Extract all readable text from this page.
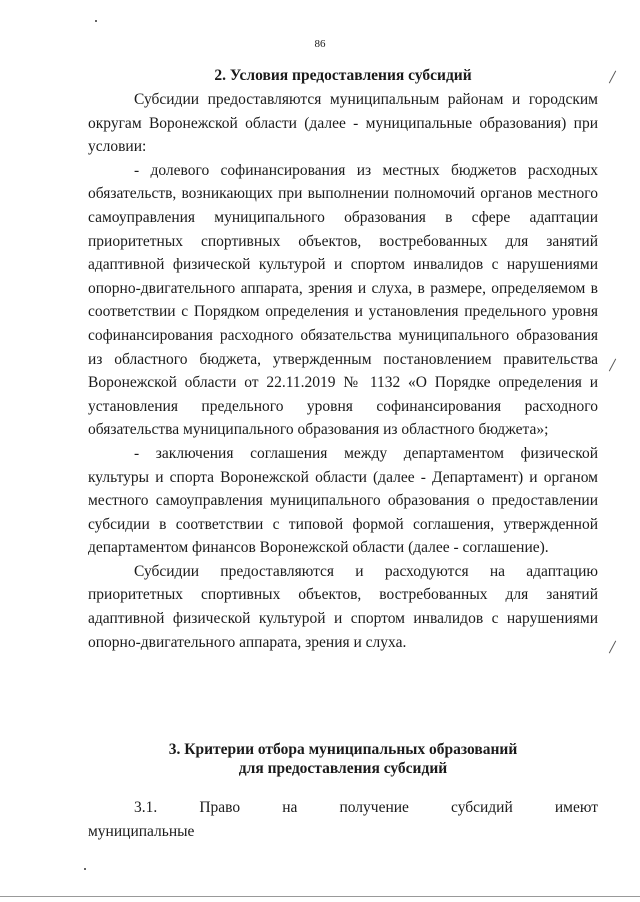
86
2. Условия предоставления субсидий

Субсидии предоставляются муниципальным районам и городским округам Воронежской области (далее - муниципальные образования) при условии:

- долевого софинансирования из местных бюджетов расходных обязательств, возникающих при выполнении полномочий органов местного самоуправления муниципального образования в сфере адаптации приоритетных спортивных объектов, востребованных для занятий адаптивной физической культурой и спортом инвалидов с нарушениями опорно-двигательного аппарата, зрения и слуха, в размере, определяемом в соответствии с Порядком определения и установления предельного уровня софинансирования расходного обязательства муниципального образования из областного бюджета, утвержденным постановлением правительства Воронежской области от 22.11.2019 № 1132 «О Порядке определения и установления предельного уровня софинансирования расходного обязательства муниципального образования из областного бюджета»;

- заключения соглашения между департаментом физической культуры и спорта Воронежской области (далее - Департамент) и органом местного самоуправления муниципального образования о предоставлении субсидии в соответствии с типовой формой соглашения, утвержденной департаментом финансов Воронежской области (далее - соглашение).

Субсидии предоставляются и расходуются на адаптацию приоритетных спортивных объектов, востребованных для занятий адаптивной физической культурой и спортом инвалидов с нарушениями опорно-двигательного аппарата, зрения и слуха.

3. Критерии отбора муниципальных образований
для предоставления субсидий

3.1. Право на получение субсидий имеют муниципальные
